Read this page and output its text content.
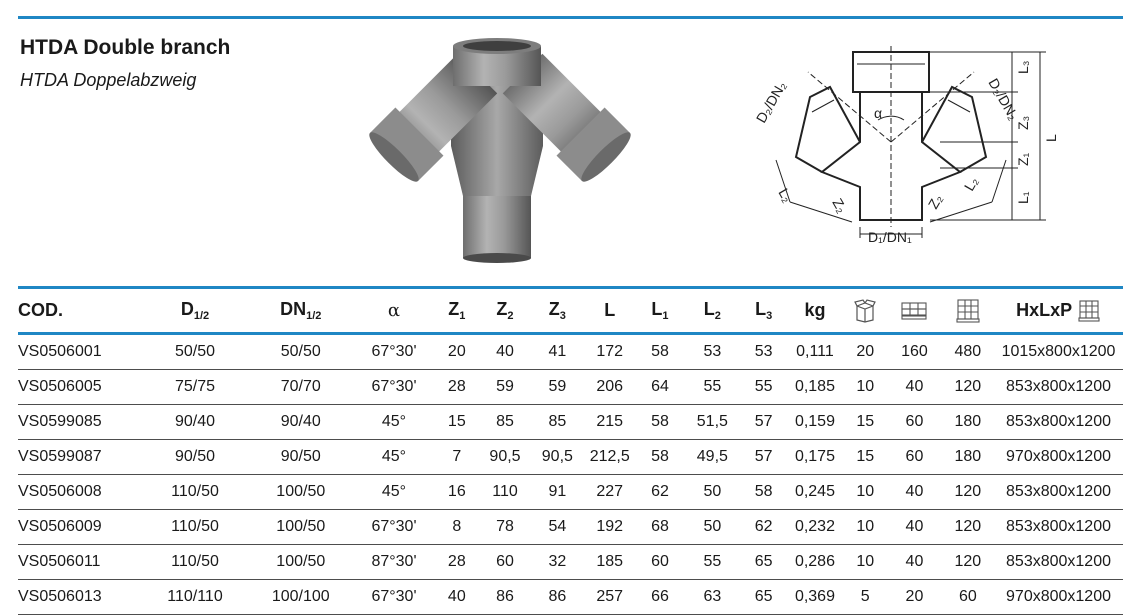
HTDA Double branch
HTDA Doppelabzweig	D₂/DN₂	D₂/DN₂
D₁/DN₁
α
L₃
Z₃
Z₁
L₁
L
L₂
Z₂	Z₂
L₂
COD.	$D_{1/2}$	$DN_{1/2}$	α	$Z_1$	$Z_2$	$Z_3$	L	$L_1$	$L_2$	$L_3$	kg				HxLxP
VS0506001	50/50	50/50	67°30'	20	40	41	172	58	53	53	0,111	20	160	480	1015x800x1200
VS0506005	75/75	70/70	67°30'	28	59	59	206	64	55	55	0,185	10	40	120	853x800x1200
VS0599085	90/40	90/40	45°	15	85	85	215	58	51,5	57	0,159	15	60	180	853x800x1200
VS0599087	90/50	90/50	45°	7	90,5	90,5	212,5	58	49,5	57	0,175	15	60	180	970x800x1200
VS0506008	110/50	100/50	45°	16	110	91	227	62	50	58	0,245	10	40	120	853x800x1200
VS0506009	110/50	100/50	67°30'	8	78	54	192	68	50	62	0,232	10	40	120	853x800x1200
VS0506011	110/50	100/50	87°30'	28	60	32	185	60	55	65	0,286	10	40	120	853x800x1200
VS0506013	110/110	100/100	67°30'	40	86	86	257	66	63	65	0,369	5	20	60	970x800x1200
